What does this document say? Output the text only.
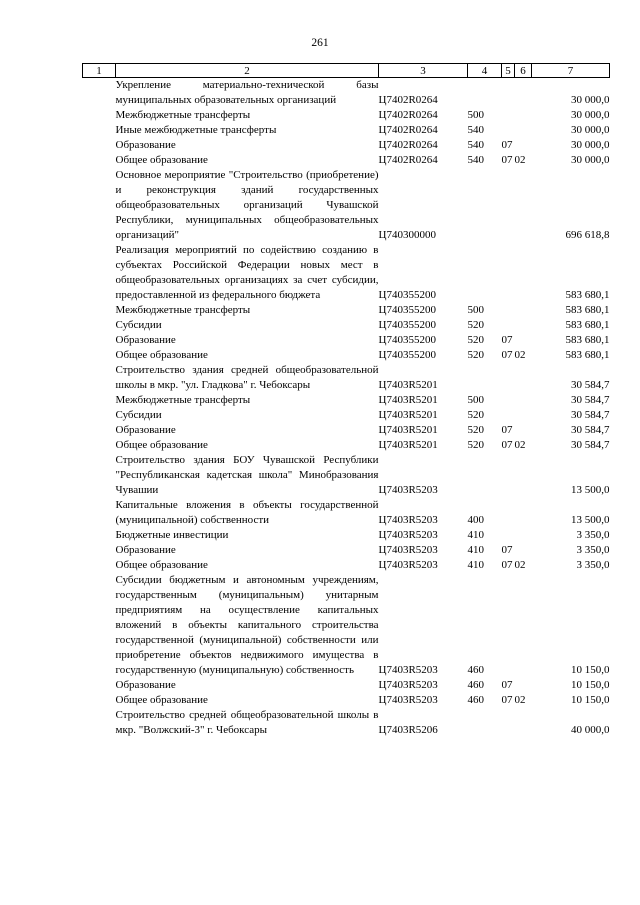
261
1	2	3	4	5	6	7
	Укрепление материально-технической базы муниципальных образовательных организаций	Ц7402R0264				30 000,0
	Межбюджетные трансферты	Ц7402R0264	500			30 000,0
	Иные межбюджетные трансферты	Ц7402R0264	540			30 000,0
	Образование	Ц7402R0264	540	07		30 000,0
	Общее образование	Ц7402R0264	540	07	02	30 000,0
	Основное мероприятие "Строительство (приобретение) и реконструкция зданий государственных общеобразовательных организаций Чувашской Республики, муниципальных общеобразовательных организаций"	Ц740300000				696 618,8
	Реализация мероприятий по содействию созданию в субъектах Российской Федерации новых мест в общеобразовательных организациях за счет субсидии, предоставленной из федерального бюджета	Ц740355200				583 680,1
	Межбюджетные трансферты	Ц740355200	500			583 680,1
	Субсидии	Ц740355200	520			583 680,1
	Образование	Ц740355200	520	07		583 680,1
	Общее образование	Ц740355200	520	07	02	583 680,1
	Строительство здания средней общеобразовательной школы в мкр. "ул. Гладкова" г. Чебоксары	Ц7403R5201				30 584,7
	Межбюджетные трансферты	Ц7403R5201	500			30 584,7
	Субсидии	Ц7403R5201	520			30 584,7
	Образование	Ц7403R5201	520	07		30 584,7
	Общее образование	Ц7403R5201	520	07	02	30 584,7
	Строительство здания БОУ Чувашской Республики "Республиканская кадетская школа" Минобразования Чувашии	Ц7403R5203				13 500,0
	Капитальные вложения в объекты государственной (муниципальной) собственности	Ц7403R5203	400			13 500,0
	Бюджетные инвестиции	Ц7403R5203	410			3 350,0
	Образование	Ц7403R5203	410	07		3 350,0
	Общее образование	Ц7403R5203	410	07	02	3 350,0
	Субсидии бюджетным и автономным учреждениям, государственным (муниципальным) унитарным предприятиям на осуществление капитальных вложений в объекты капитального строительства государственной (муниципальной) собственности или приобретение объектов недвижимого имущества в государственную (муниципальную) собственность	Ц7403R5203	460			10 150,0
	Образование	Ц7403R5203	460	07		10 150,0
	Общее образование	Ц7403R5203	460	07	02	10 150,0
	Строительство средней общеобразовательной школы в мкр. "Волжский-3" г. Чебоксары	Ц7403R5206				40 000,0
